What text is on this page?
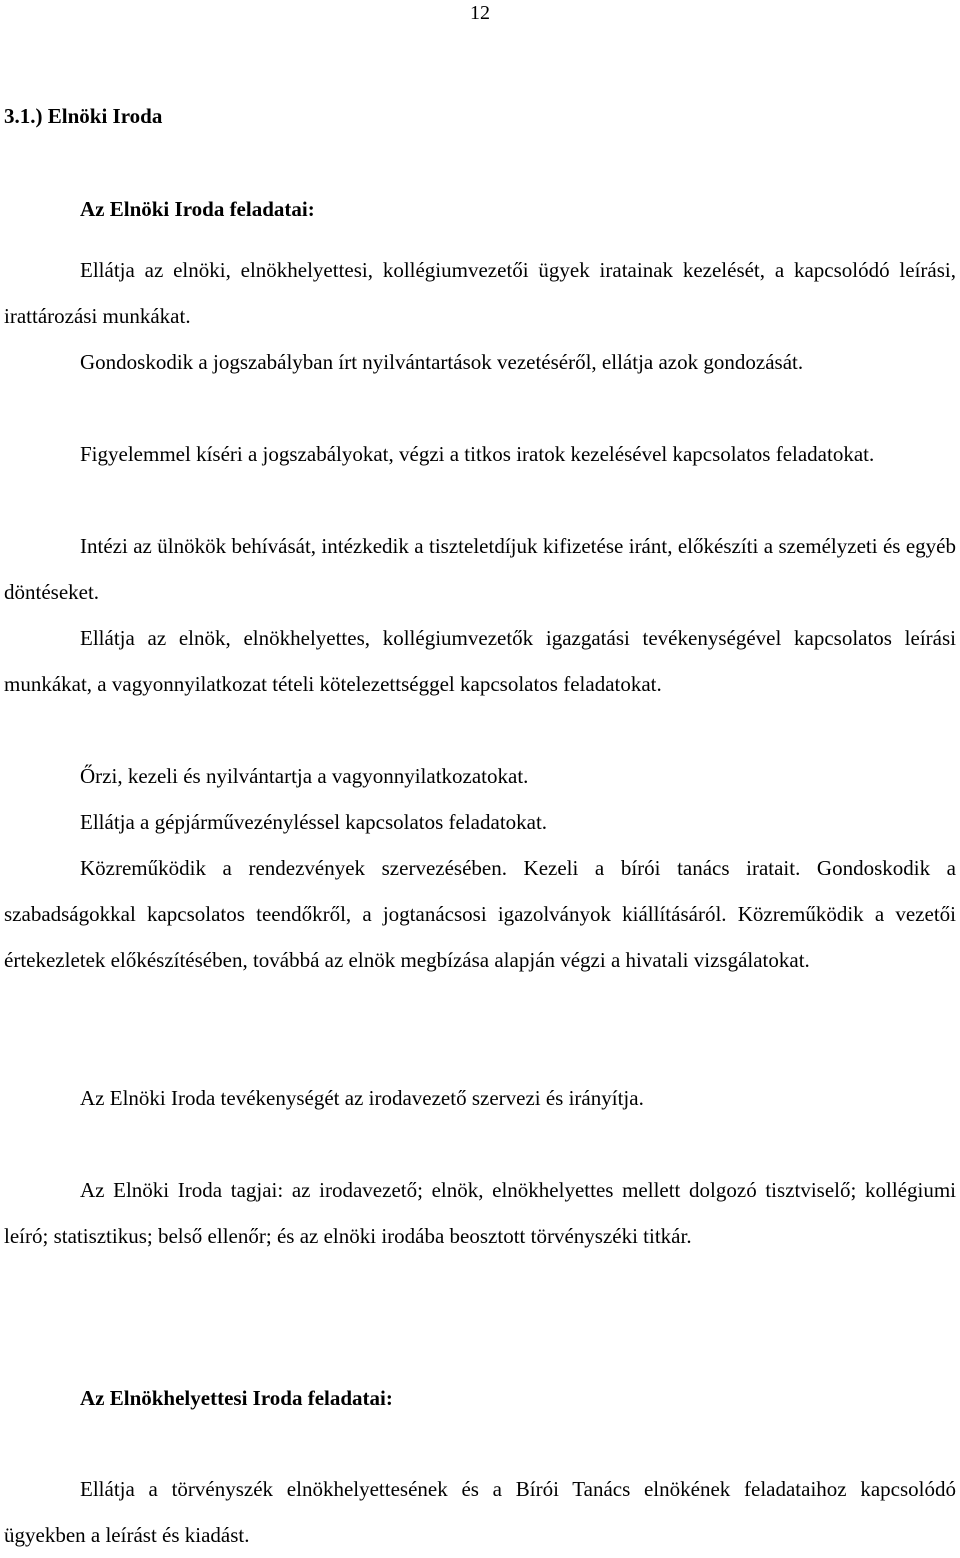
12
3.1.) Elnöki Iroda
Az Elnöki Iroda feladatai:

Ellátja az elnöki, elnökhelyettesi, kollégiumvezetői ügyek iratainak kezelését, a kapcsolódó leírási, irattározási munkákat.

Gondoskodik a jogszabályban írt nyilvántartások vezetéséről, ellátja azok gondozását.

Figyelemmel kíséri a jogszabályokat, végzi a titkos iratok kezelésével kapcsolatos feladatokat.

Intézi az ülnökök behívását, intézkedik a tiszteletdíjuk kifizetése iránt, előkészíti a személyzeti és egyéb döntéseket.

Ellátja az elnök, elnökhelyettes, kollégiumvezetők igazgatási tevékenységével kapcsolatos leírási munkákat, a vagyonnyilatkozat tételi kötelezettséggel kapcsolatos feladatokat.

Őrzi, kezeli és nyilvántartja a vagyonnyilatkozatokat.

Ellátja a gépjárművezényléssel kapcsolatos feladatokat.

Közreműködik a rendezvények szervezésében. Kezeli a bírói tanács iratait. Gondoskodik a szabadságokkal kapcsolatos teendőkről, a jogtanácsosi igazolványok kiállításáról. Közreműködik a vezetői értekezletek előkészítésében, továbbá az elnök megbízása alapján végzi a hivatali vizsgálatokat.

Az Elnöki Iroda tevékenységét az irodavezető szervezi és irányítja.

Az Elnöki Iroda tagjai: az irodavezető; elnök, elnökhelyettes mellett dolgozó tisztviselő; kollégiumi leíró; statisztikus; belső ellenőr; és az elnöki irodába beosztott törvényszéki titkár.

Az Elnökhelyettesi Iroda feladatai:

Ellátja a törvényszék elnökhelyettesének és a Bírói Tanács elnökének feladataihoz kapcsolódó ügyekben a leírást és kiadást.
